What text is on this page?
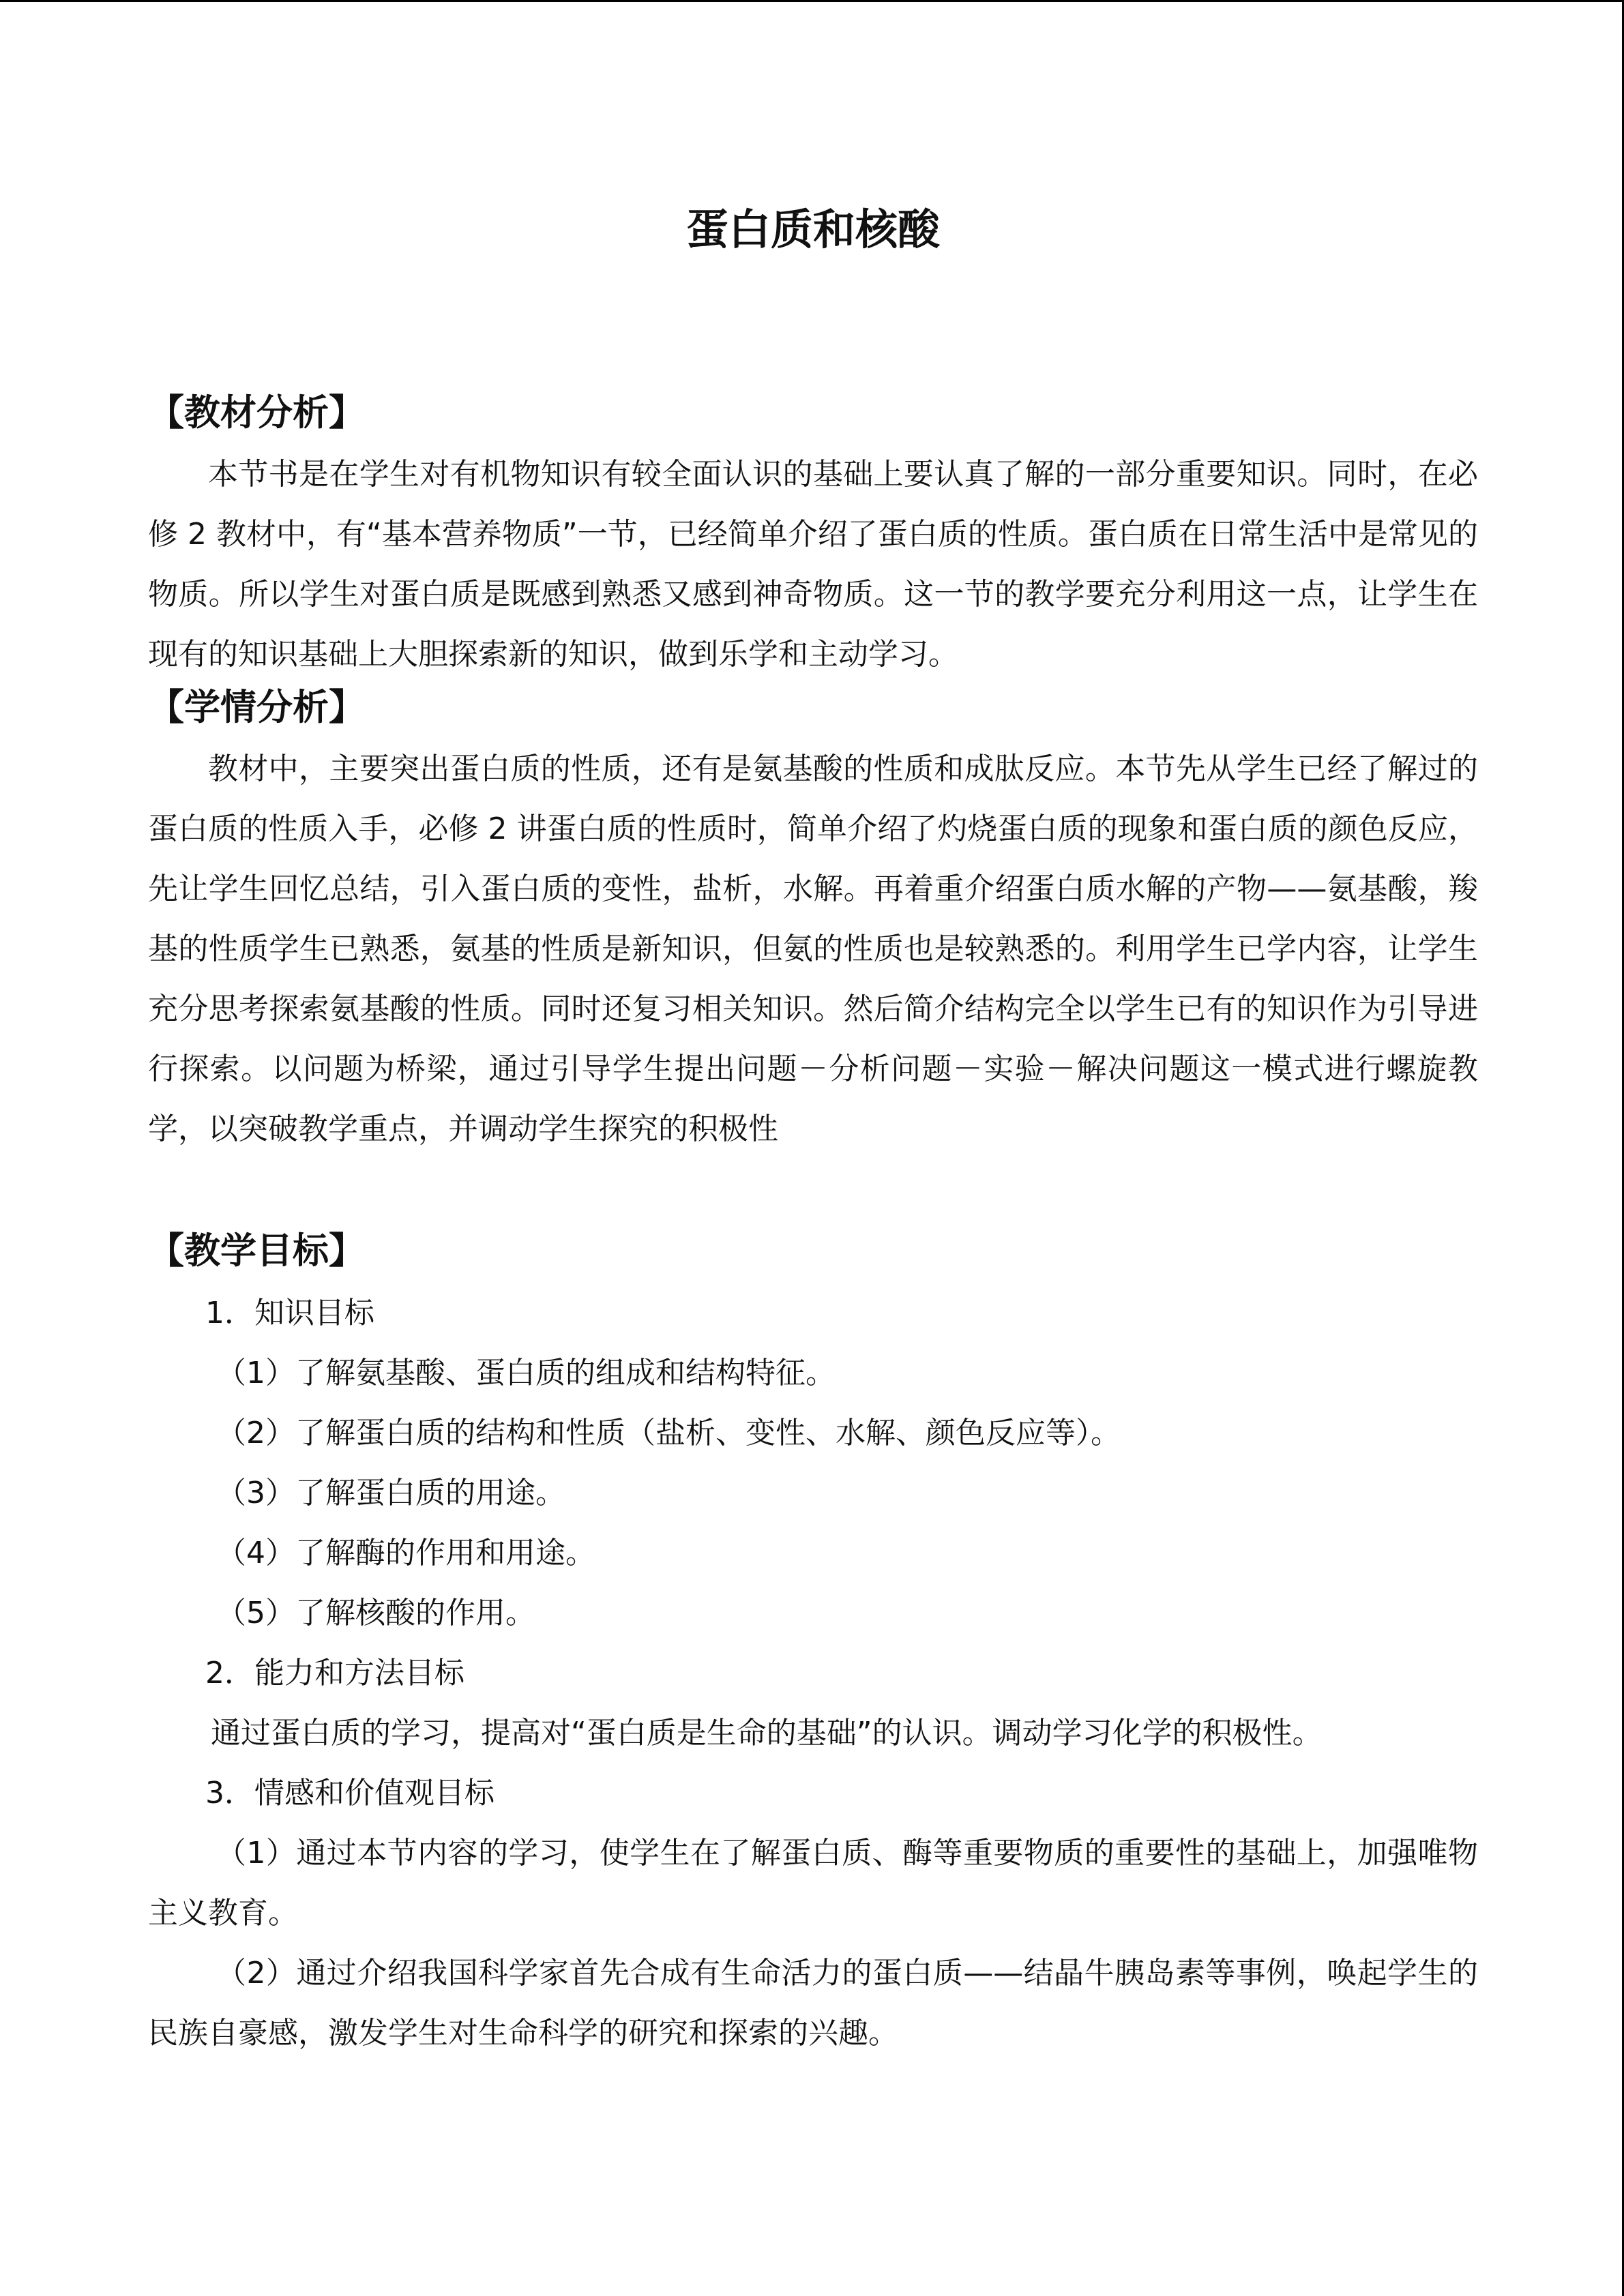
蛋白质和核酸
【教材分析】

本节书是在学生对有机物知识有较全面认识的基础上要认真了解的一部分重要知识。同时，在必修 2 教材中，有“基本营养物质”一节，已经简单介绍了蛋白质的性质。蛋白质在日常生活中是常见的物质。所以学生对蛋白质是既感到熟悉又感到神奇物质。这一节的教学要充分利用这一点，让学生在现有的知识基础上大胆探索新的知识，做到乐学和主动学习。

【学情分析】

教材中，主要突出蛋白质的性质，还有是氨基酸的性质和成肽反应。本节先从学生已经了解过的蛋白质的性质入手，必修 2 讲蛋白质的性质时，简单介绍了灼烧蛋白质的现象和蛋白质的颜色反应，先让学生回忆总结，引入蛋白质的变性，盐析，水解。再着重介绍蛋白质水解的产物——氨基酸，羧基的性质学生已熟悉，氨基的性质是新知识，但氨的性质也是较熟悉的。利用学生已学内容，让学生充分思考探索氨基酸的性质。同时还复习相关知识。然后简介结构完全以学生已有的知识作为引导进行探索。以问题为桥梁，通过引导学生提出问题－分析问题－实验－解决问题这一模式进行螺旋教学，以突破教学重点，并调动学生探究的积极性

【教学目标】
1．知识目标
（1）了解氨基酸、蛋白质的组成和结构特征。
（2）了解蛋白质的结构和性质（盐析、变性、水解、颜色反应等）。
（3）了解蛋白质的用途。
（4）了解酶的作用和用途。
（5）了解核酸的作用。
2．能力和方法目标
通过蛋白质的学习，提高对“蛋白质是生命的基础”的认识。调动学习化学的积极性。
3．情感和价值观目标

（1）通过本节内容的学习，使学生在了解蛋白质、酶等重要物质的重要性的基础上，加强唯物主义教育。

（2）通过介绍我国科学家首先合成有生命活力的蛋白质——结晶牛胰岛素等事例，唤起学生的民族自豪感，激发学生对生命科学的研究和探索的兴趣。
